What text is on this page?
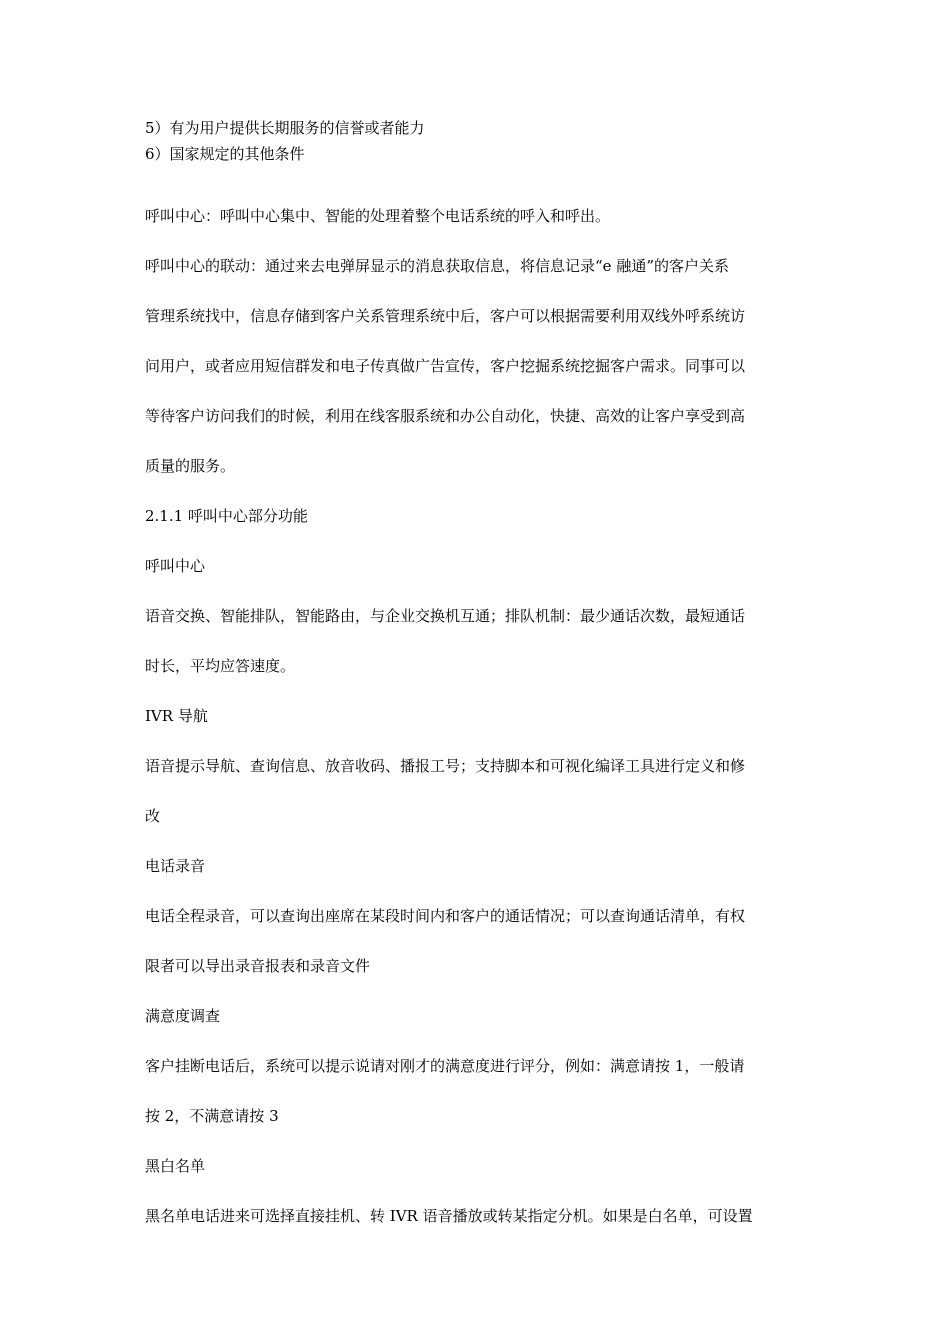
5）有为用户提供长期服务的信誉或者能力
6）国家规定的其他条件
呼叫中心：呼叫中心集中、智能的处理着整个电话系统的呼入和呼出。
呼叫中心的联动：通过来去电弹屏显示的消息获取信息，将信息记录“e 融通”的客户关系
管理系统找中，信息存储到客户关系管理系统中后，客户可以根据需要利用双线外呼系统访
问用户，或者应用短信群发和电子传真做广告宣传，客户挖掘系统挖掘客户需求。同事可以
等待客户访问我们的时候，利用在线客服系统和办公自动化，快捷、高效的让客户享受到高
质量的服务。
2.1.1 呼叫中心部分功能
呼叫中心
语音交换、智能排队，智能路由，与企业交换机互通；排队机制：最少通话次数，最短通话
时长，平均应答速度。
IVR 导航
语音提示导航、查询信息、放音收码、播报工号；支持脚本和可视化编译工具进行定义和修
改
电话录音
电话全程录音，可以查询出座席在某段时间内和客户的通话情况；可以查询通话清单，有权
限者可以导出录音报表和录音文件
满意度调查
客户挂断电话后，系统可以提示说请对刚才的满意度进行评分，例如：满意请按 1，一般请
按 2，不满意请按 3
黑白名单
黑名单电话进来可选择直接挂机、转 IVR 语音播放或转某指定分机。如果是白名单，可设置
